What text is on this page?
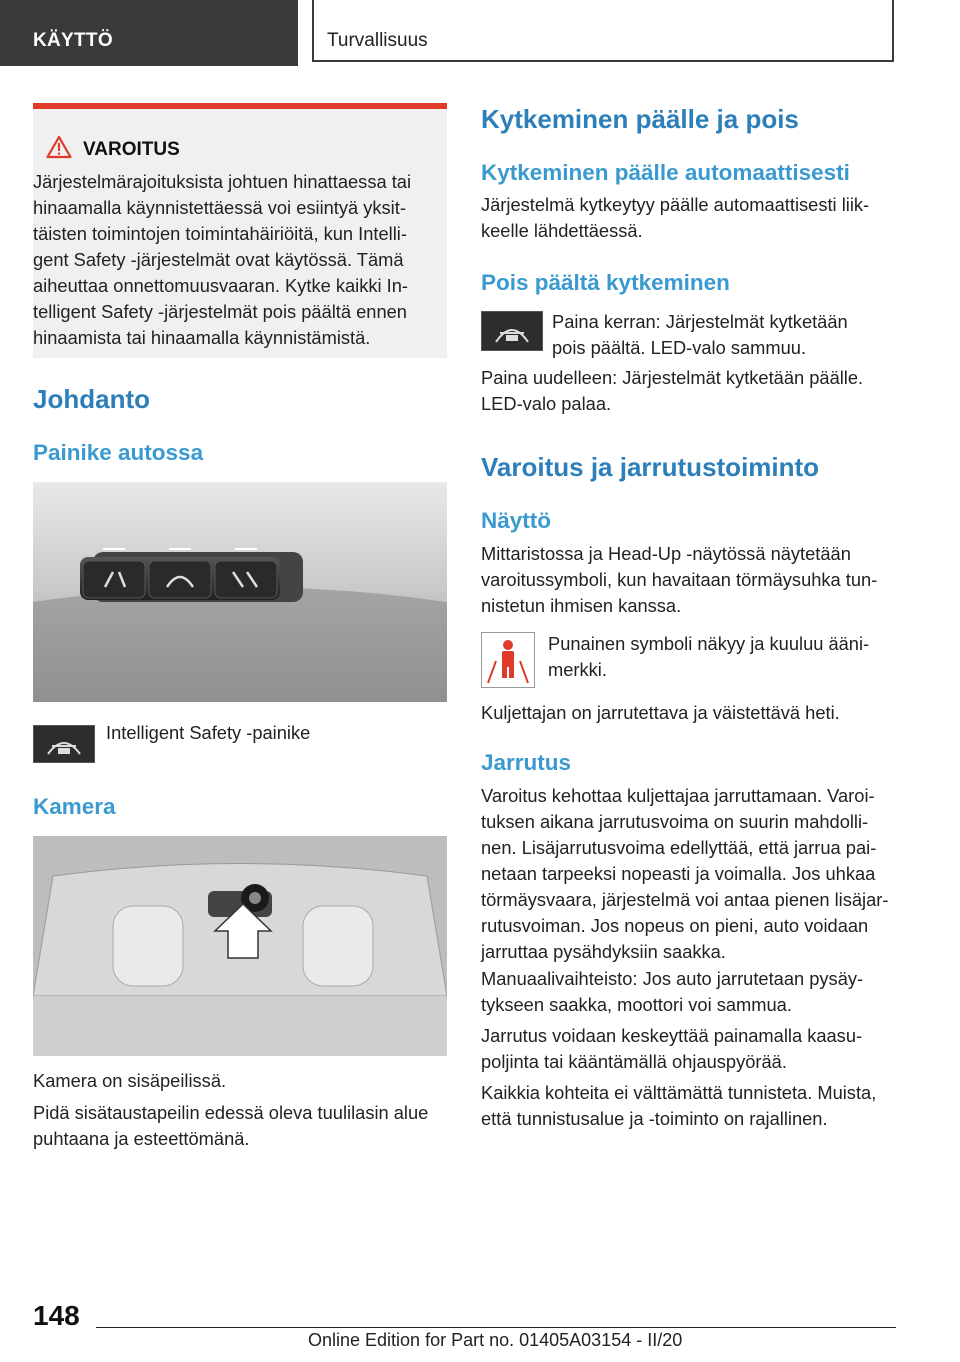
KÄYTTÖ	Turvallisuus
VAROITUS
Järjestelmärajoituksista johtuen hinattaessa tai
hinaamalla käynnistettäessä voi esiintyä yksit-
täisten toimintojen toimintahäiriöitä, kun Intelli-
gent Safety -järjestelmät ovat käytössä. Tämä
aiheuttaa onnettomuusvaaran. Kytke kaikki In-
telligent Safety -järjestelmät pois päältä ennen
hinaamista tai hinaamalla käynnistämistä.
Johdanto
Painike autossa
Intelligent Safety -painike
Kamera
Kamera on sisäpeilissä.
Pidä sisätaustapeilin edessä oleva tuulilasin alue
puhtaana ja esteettömänä.
Kytkeminen päälle ja pois
Kytkeminen päälle automaattisesti
Järjestelmä kytkeytyy päälle automaattisesti liik-
keelle lähdettäessä.
Pois päältä kytkeminen
Paina kerran: Järjestelmät kytketään
pois päältä. LED-valo sammuu.
Paina uudelleen: Järjestelmät kytketään päälle.
LED-valo palaa.
Varoitus ja jarrutustoiminto
Näyttö
Mittaristossa ja Head-Up -näytössä näytetään
varoitussymboli, kun havaitaan törmäysuhka tun-
nistetun ihmisen kanssa.
Punainen symboli näkyy ja kuuluu ääni-
merkki.
Kuljettajan on jarrutettava ja väistettävä heti.
Jarrutus
Varoitus kehottaa kuljettajaa jarruttamaan. Varoi-
tuksen aikana jarrutusvoima on suurin mahdolli-
nen. Lisäjarrutusvoima edellyttää, että jarrua pai-
netaan tarpeeksi nopeasti ja voimalla. Jos uhkaa
törmäysvaara, järjestelmä voi antaa pienen lisäjar-
rutusvoiman. Jos nopeus on pieni, auto voidaan
jarruttaa pysähdyksiin saakka.
Manuaalivaihteisto: Jos auto jarrutetaan pysäy-
tykseen saakka, moottori voi sammua.
Jarrutus voidaan keskeyttää painamalla kaasu-
poljinta tai kääntämällä ohjauspyörää.
Kaikkia kohteita ei välttämättä tunnisteta. Muista,
että tunnistusalue ja -toiminto on rajallinen.
148
Online Edition for Part no. 01405A03154 - II/20
